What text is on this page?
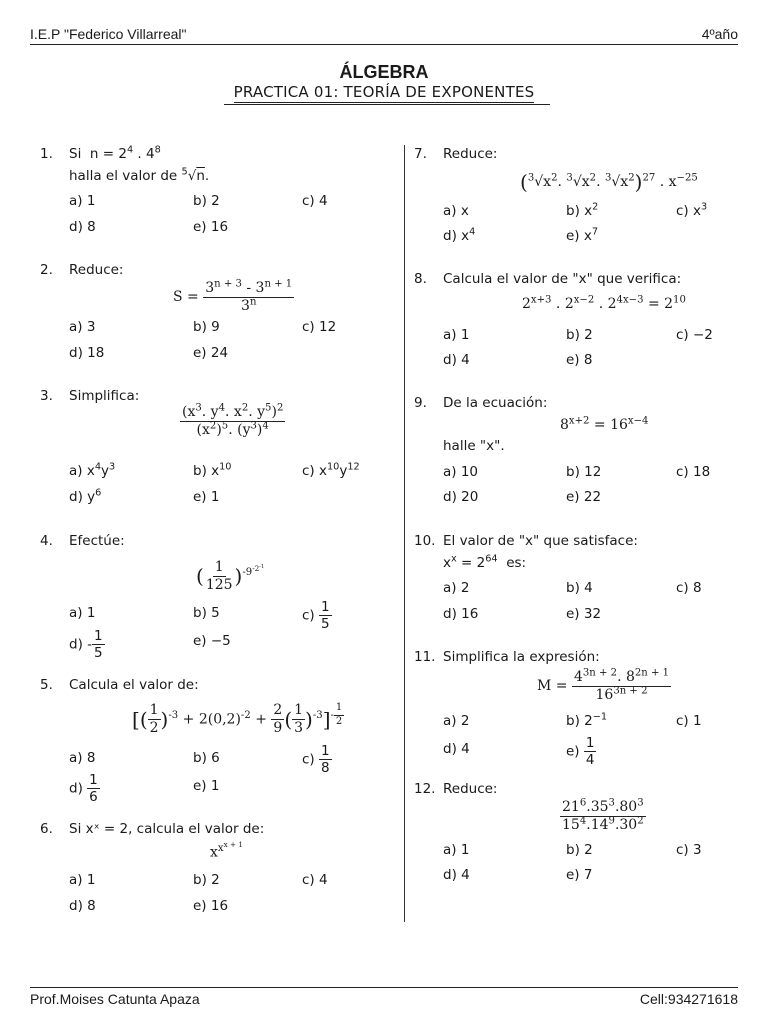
I.E.P "Federico Villarreal"	4ºaño
ÁLGEBRA
PRACTICA 01: TEORÍA DE EXPONENTES
Prof.Moises Catunta Apaza	Cell:934271618
1. Si  $n = 2^4$ . $4^8$
halla el valor de $^5$√n.
a) 1	b) 2	c) 4
d) 8	e) 16
2. Reduce:
$S = \frac{3^{n + 3} - 3^{n + 1}}{3^n}$
a) 3	b) 9	c) 12
d) 18	e) 24
3. Simplifica:
$\frac{(x^3. y^4. x^2. y^5)^2}{(x^2)^5. (y^3)^4}$
a) $x^4y^3$	b) $x^{10}$	c) $x^{10}y^{12}$
d) $y^6$	e) 1
4. Efectúe:
( $\frac{1}{125} )^{-9^{-2^{-1}}}$
a) 1	b) 5	$c) \frac{1}{5}$
$d) - \frac{1}{5}$	e) −5
5. Calcula el valor de:
[( $\frac{1}{2} )^{-3} + 2(0,2)^{-2} + \frac{2}{9}$ ( $\frac{1}{3} )^{-3}]^{- \frac{1}{2}}$
a) 8	b) 6	$c) \frac{1}{8}$
$d) \frac{1}{6}$	e) 1
6. Si xˣ = 2, calcula el valor de:
$x^{x^{x + 1}}$
a) 1	b) 2	c) 4
d) 8	e) 16
7. Reduce:
($^3√x^2$. $^3√x^2$. $^3√x^2)^{27}$ . $x^{-25}$
a) x	b) $x^2$	c) $x^3$
d) $x^4$	e) $x^7$
8. Calcula el valor de "x" que verifica:
$2^{x+3}$ . $2^{x-2}$ . $2^{4x-3} = 2^{10}$
a) 1	b) 2	c) −2
d) 4	e) 8
9. De la ecuación:
$8^{x+2} = 16^{x-4}$
halle "x".
a) 10	b) 12	c) 18
d) 20	e) 22
10. El valor de "x" que satisface:
$x^x = 2^{64}$ es:
a) 2	b) 4	c) 8
d) 16	e) 32
11. Simplifica la expresión:
$M = \frac{4^{3n + 2}. 8^{2n + 1}}{16^{3n + 2}}$
a) 2	b) $2^{-1}$	c) 1
d) 4	$e) \frac{1}{4}$
12. Reduce:
$\frac{21^6.35^3.80^3}{15^4.14^9.30^2}$
a) 1	b) 2	c) 3
d) 4	e) 7
